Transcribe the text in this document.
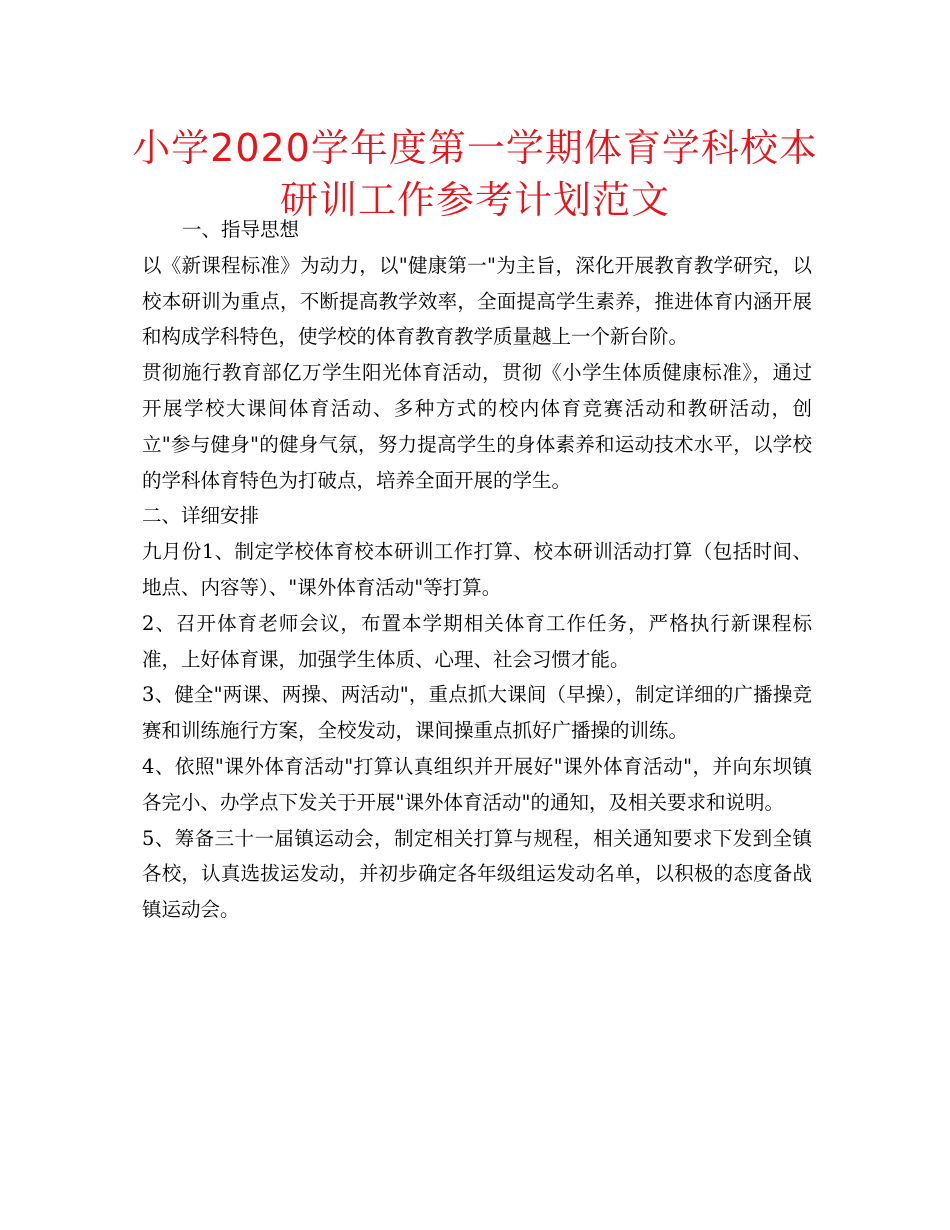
小学2020学年度第一学期体育学科校本研训工作参考计划范文

一、指导思想

以《新课程标准》为动力，以"健康第一"为主旨，深化开展教育教学研究，以校本研训为重点，不断提高教学效率，全面提高学生素养，推进体育内涵开展和构成学科特色，使学校的体育教育教学质量越上一个新台阶。

贯彻施行教育部亿万学生阳光体育活动，贯彻《小学生体质健康标准》，通过开展学校大课间体育活动、多种方式的校内体育竞赛活动和教研活动，创立"参与健身"的健身气氛，努力提高学生的身体素养和运动技术水平，以学校的学科体育特色为打破点，培养全面开展的学生。

二、详细安排

九月份1、制定学校体育校本研训工作打算、校本研训活动打算（包括时间、地点、内容等）、"课外体育活动"等打算。

2、召开体育老师会议，布置本学期相关体育工作任务，严格执行新课程标准，上好体育课，加强学生体质、心理、社会习惯才能。

3、健全"两课、两操、两活动"，重点抓大课间（早操），制定详细的广播操竞赛和训练施行方案，全校发动，课间操重点抓好广播操的训练。

4、依照"课外体育活动"打算认真组织并开展好"课外体育活动"，并向东坝镇各完小、办学点下发关于开展"课外体育活动"的通知，及相关要求和说明。

5、筹备三十一届镇运动会，制定相关打算与规程，相关通知要求下发到全镇各校，认真选拔运发动，并初步确定各年级组运发动名单，以积极的态度备战镇运动会。
